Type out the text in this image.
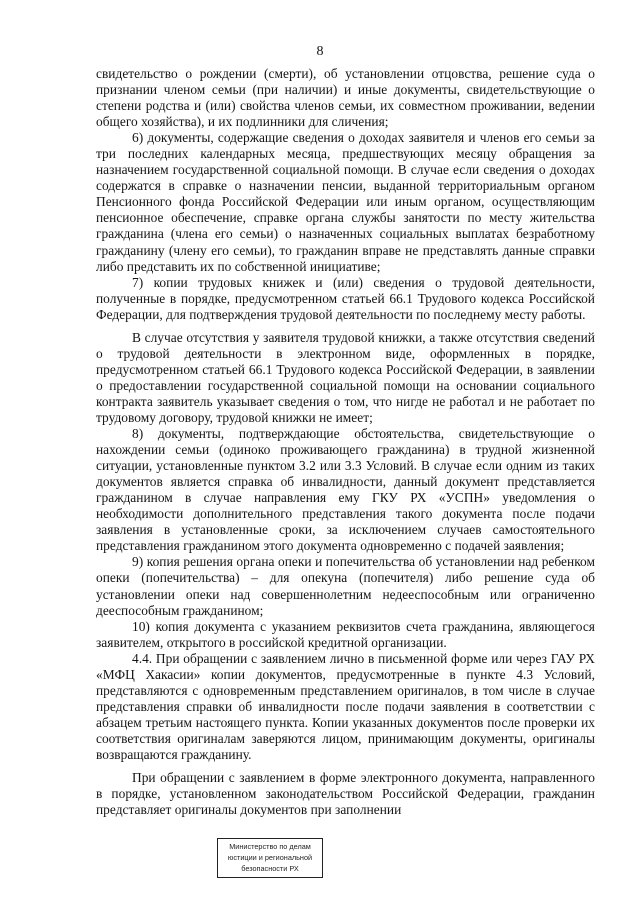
8

свидетельство о рождении (смерти), об установлении отцовства, решение суда о признании членом семьи (при наличии) и иные документы, свидетельствующие о степени родства и (или) свойства членов семьи, их совместном проживании, ведении общего хозяйства), и их подлинники для сличения;

6) документы, содержащие сведения о доходах заявителя и членов его семьи за три последних календарных месяца, предшествующих месяцу обращения за назначением государственной социальной помощи. В случае если сведения о доходах содержатся в справке о назначении пенсии, выданной территориальным органом Пенсионного фонда Российской Федерации или иным органом, осуществляющим пенсионное обеспечение, справке органа службы занятости по месту жительства гражданина (члена его семьи) о назначенных социальных выплатах безработному гражданину (члену его семьи), то гражданин вправе не представлять данные справки либо представить их по собственной инициативе;

7) копии трудовых книжек и (или) сведения о трудовой деятельности, полученные в порядке, предусмотренном статьей 66.1 Трудового кодекса Российской Федерации, для подтверждения трудовой деятельности по последнему месту работы.

В случае отсутствия у заявителя трудовой книжки, а также отсутствия сведений о трудовой деятельности в электронном виде, оформленных в порядке, предусмотренном статьей 66.1 Трудового кодекса Российской Федерации, в заявлении о предоставлении государственной социальной помощи на основании социального контракта заявитель указывает сведения о том, что нигде не работал и не работает по трудовому договору, трудовой книжки не имеет;

8) документы, подтверждающие обстоятельства, свидетельствующие о нахождении семьи (одиноко проживающего гражданина) в трудной жизненной ситуации, установленные пунктом 3.2 или 3.3 Условий. В случае если одним из таких документов является справка об инвалидности, данный документ представляется гражданином в случае направления ему ГКУ РХ «УСПН» уведомления о необходимости дополнительного представления такого документа после подачи заявления в установленные сроки, за исключением случаев самостоятельного представления гражданином этого документа одновременно с подачей заявления;

9) копия решения органа опеки и попечительства об установлении над ребенком опеки (попечительства) – для опекуна (попечителя) либо решение суда об установлении опеки над совершеннолетним недееспособным или ограниченно дееспособным гражданином;

10) копия документа с указанием реквизитов счета гражданина, являющегося заявителем, открытого в российской кредитной организации.

4.4. При обращении с заявлением лично в письменной форме или через ГАУ РХ «МФЦ Хакасии» копии документов, предусмотренные в пункте 4.3 Условий, представляются с одновременным представлением оригиналов, в том числе в случае представления справки об инвалидности после подачи заявления в соответствии с абзацем третьим настоящего пункта. Копии указанных документов после проверки их соответствия оригиналам заверяются лицом, принимающим документы, оригиналы возвращаются гражданину.

При обращении с заявлением в форме электронного документа, направленного в порядке, установленном законодательством Российской Федерации, гражданин представляет оригиналы документов при заполнении

Министерство по делам
юстиции и региональной
безопасности РХ
